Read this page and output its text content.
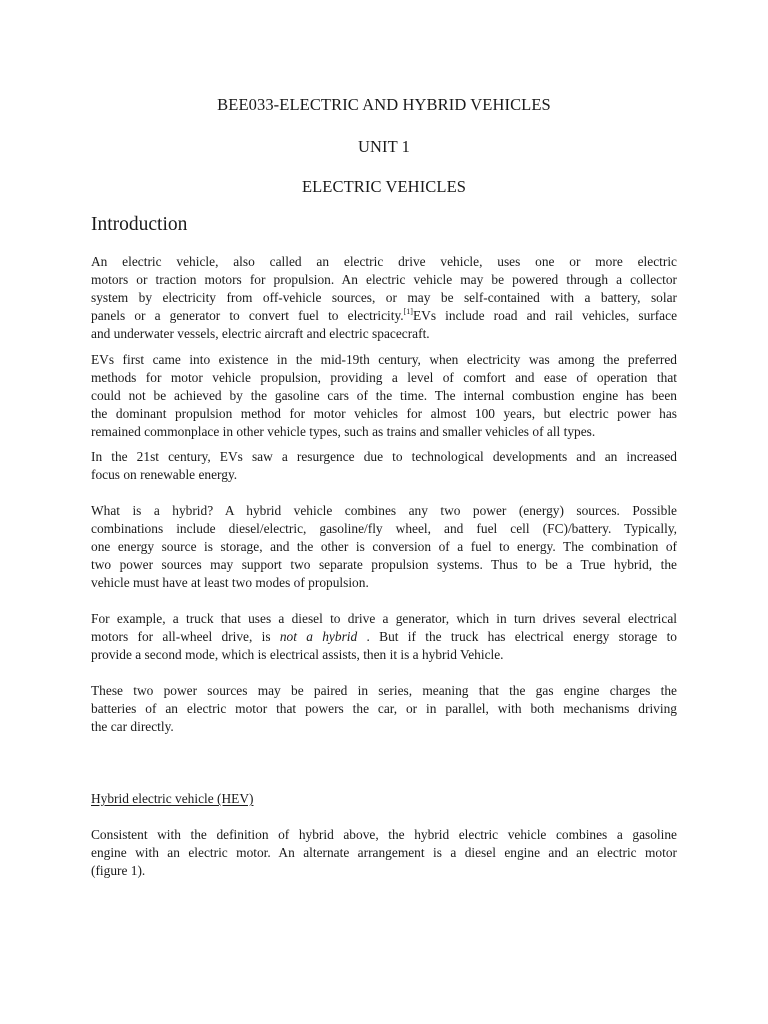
BEE033-ELECTRIC AND HYBRID VEHICLES
UNIT 1
ELECTRIC VEHICLES
Introduction
An electric vehicle, also called an electric drive vehicle, uses one or more electric
motors or traction motors for propulsion. An electric vehicle may be powered through a collector
system by electricity from off-vehicle sources, or may be self-contained with a battery, solar
panels or a generator to convert fuel to electricity.[1]EVs include road and rail vehicles, surface
and underwater vessels, electric aircraft and electric spacecraft.
EVs first came into existence in the mid-19th century, when electricity was among the preferred
methods for motor vehicle propulsion, providing a level of comfort and ease of operation that
could not be achieved by the gasoline cars of the time. The internal combustion engine has been
the dominant propulsion method for motor vehicles for almost 100 years, but electric power has
remained commonplace in other vehicle types, such as trains and smaller vehicles of all types.
In the 21st century, EVs saw a resurgence due to technological developments and an increased
focus on renewable energy.
What is a hybrid? A hybrid vehicle combines any two power (energy) sources. Possible
combinations include diesel/electric, gasoline/fly wheel, and fuel cell (FC)/battery. Typically,
one energy source is storage, and the other is conversion of a fuel to energy. The combination of
two power sources may support two separate propulsion systems. Thus to be a True hybrid, the
vehicle must have at least two modes of propulsion.
For example, a truck that uses a diesel to drive a generator, which in turn drives several electrical
motors for all-wheel drive, is not a hybrid . But if the truck has electrical energy storage to
provide a second mode, which is electrical assists, then it is a hybrid Vehicle.
These two power sources may be paired in series, meaning that the gas engine charges the
batteries of an electric motor that powers the car, or in parallel, with both mechanisms driving
the car directly.
Hybrid electric vehicle (HEV)
Consistent with the definition of hybrid above, the hybrid electric vehicle combines a gasoline
engine with an electric motor. An alternate arrangement is a diesel engine and an electric motor
(figure 1).
